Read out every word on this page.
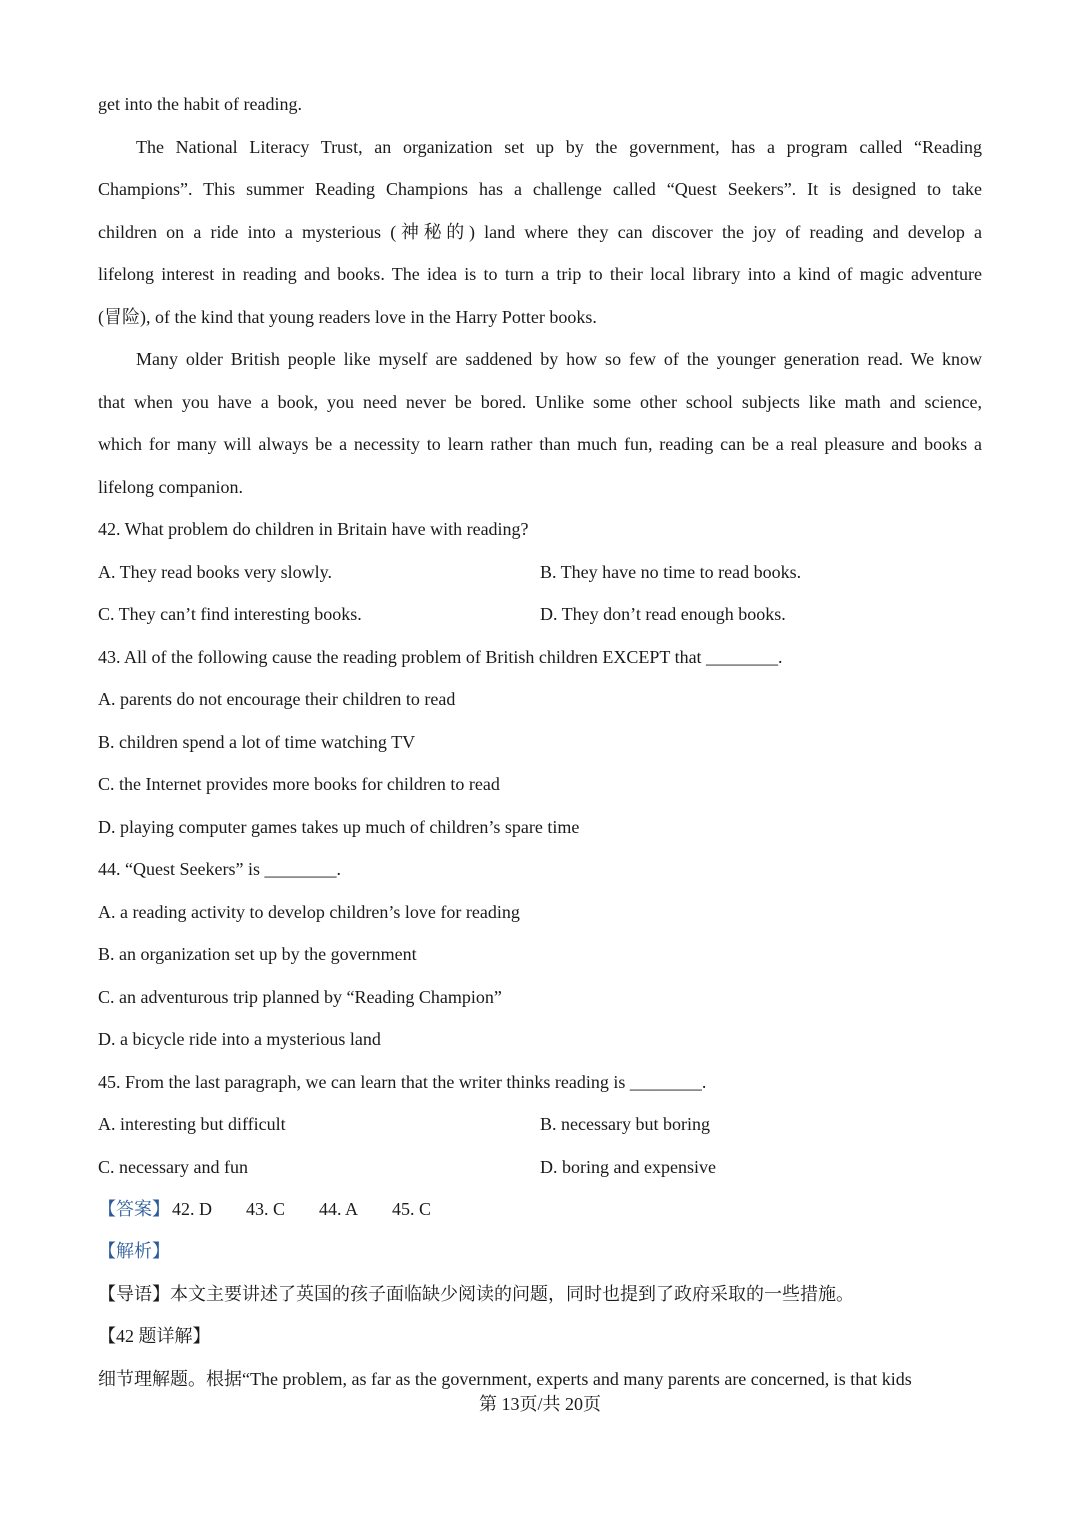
get into the habit of reading.

The National Literacy Trust, an organization set up by the government, has a program called “Reading

Champions”. This summer Reading Champions has a challenge called “Quest Seekers”. It is designed to take

children on a ride into a mysterious (神秘的) land where they can discover the joy of reading and develop a

lifelong interest in reading and books. The idea is to turn a trip to their local library into a kind of magic adventure

(冒险), of the kind that young readers love in the Harry Potter books.

Many older British people like myself are saddened by how so few of the younger generation read. We know

that when you have a book, you need never be bored. Unlike some other school subjects like math and science,

which for many will always be a necessity to learn rather than much fun, reading can be a real pleasure and books a

lifelong companion.

42. What problem do children in Britain have with reading?

A. They read books very slowly.	B. They have no time to read books.

C. They can’t find interesting books.	D. They don’t read enough books.

43. All of the following cause the reading problem of British children EXCEPT that ________.

A. parents do not encourage their children to read

B. children spend a lot of time watching TV

C. the Internet provides more books for children to read

D. playing computer games takes up much of children’s spare time

44. “Quest Seekers” is ________.

A. a reading activity to develop children’s love for reading

B. an organization set up by the government

C. an adventurous trip planned by “Reading Champion”

D. a bicycle ride into a mysterious land

45. From the last paragraph, we can learn that the writer thinks reading is ________.

A. interesting but difficult	B. necessary but boring

C. necessary and fun	D. boring and expensive

【答案】 42. D 43. C 44. A 45. C

【解析】

【导语】本文主要讲述了英国的孩子面临缺少阅读的问题，同时也提到了政府采取的一些措施。

【42 题详解】

细节理解题。根据“The problem, as far as the government, experts and many parents are concerned, is that kids

第 13页/共 20页
